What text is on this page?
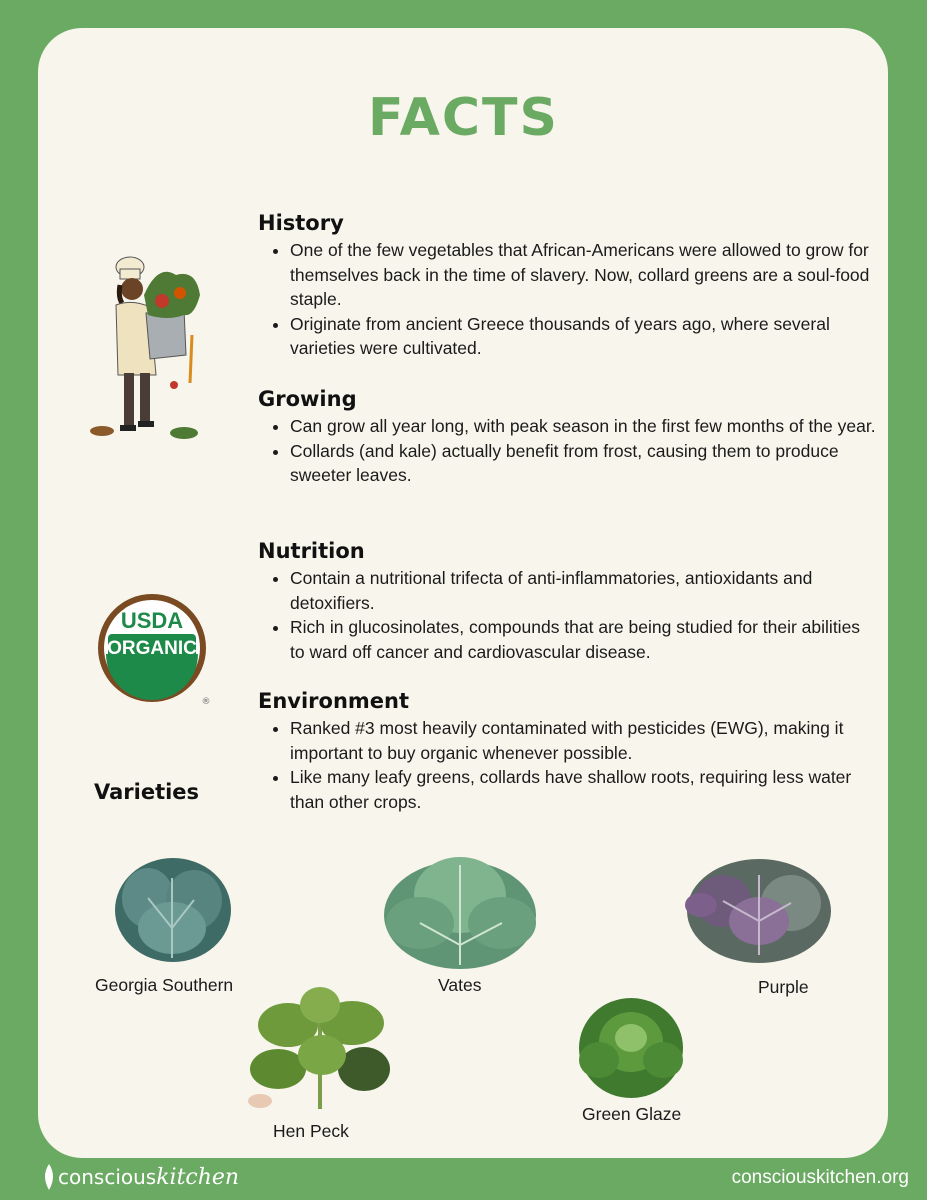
FACTS
USDA
ORGANIC
®
History
• One of the few vegetables that African-Americans were allowed to grow for themselves back in the time of slavery. Now, collard greens are a soul-food staple.
• Originate from ancient Greece thousands of years ago, where several varieties were cultivated.
Growing
• Can grow all year long, with peak season in the first few months of the year.
• Collards (and kale) actually benefit from frost, causing them to produce sweeter leaves.
Nutrition
• Contain a nutritional trifecta of anti-inflammatories, antioxidants and detoxifiers.
• Rich in glucosinolates, compounds that are being studied for their abilities to ward off cancer and cardiovascular disease.
Environment
• Ranked #3 most heavily contaminated with pesticides (EWG), making it important to buy organic whenever possible.
• Like many leafy greens, collards have shallow roots, requiring less water than other crops.
Varieties
Georgia Southern	Vates	Purple
Hen Peck
Green Glaze
conscious kitchen	consciouskitchen.org
